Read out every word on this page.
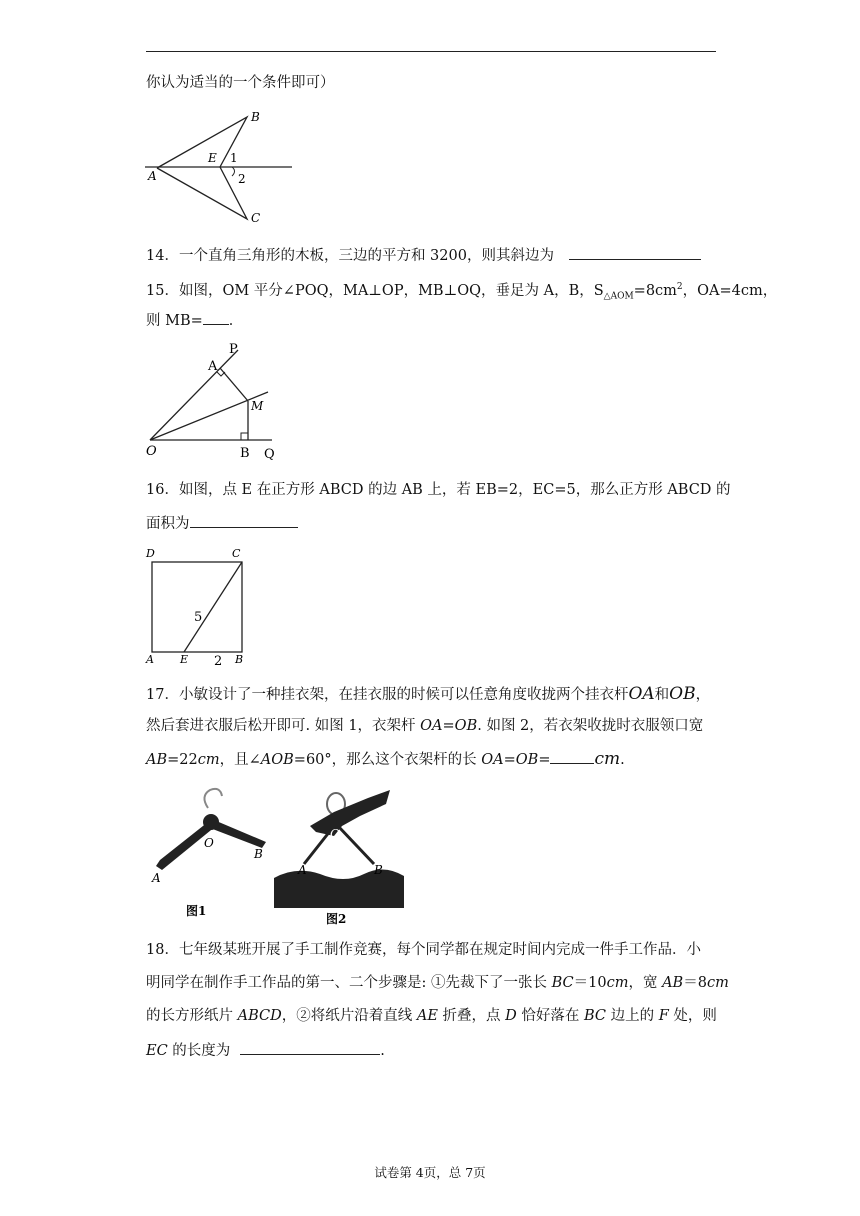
你认为适当的一个条件即可）
B
E 1
2
A
C
14．一个直角三角形的木板，三边的平方和 3200，则其斜边为
15．如图，OM 平分∠POQ，MA⊥OP，MB⊥OQ，垂足为 A，B，$S_{\triangle AOM}=8cm^2$，OA=4cm，
则 MB= ．
A
P
M
O	B Q
16．如图，点 E 在正方形 ABCD 的边 AB 上，若 EB=2，EC=5，那么正方形 ABCD 的
面积为
D	C
A E	B
5
2
17．小敏设计了一种挂衣架，在挂衣服的时候可以任意角度收拢两个挂衣杆OA和OB，
然后套进衣服后松开即可. 如图 1，衣架杆 OA=OB. 如图 2，若衣架收拢时衣服领口宽
AB=22cm，且∠AOB=60°，那么这个衣架杆的长 OA=OB=	cm.
O
A
B
图1
O
A	B
图2
18．七年级某班开展了手工制作竞赛，每个同学都在规定时间内完成一件手工作品．小
明同学在制作手工作品的第一、二个步骤是: ①先裁下了一张长 BC＝10cm，宽 AB＝8cm
的长方形纸片 ABCD，②将纸片沿着直线 AE 折叠，点 D 恰好落在 BC 边上的 F 处，则
EC 的长度为	.
试卷第 4页，总 7页
